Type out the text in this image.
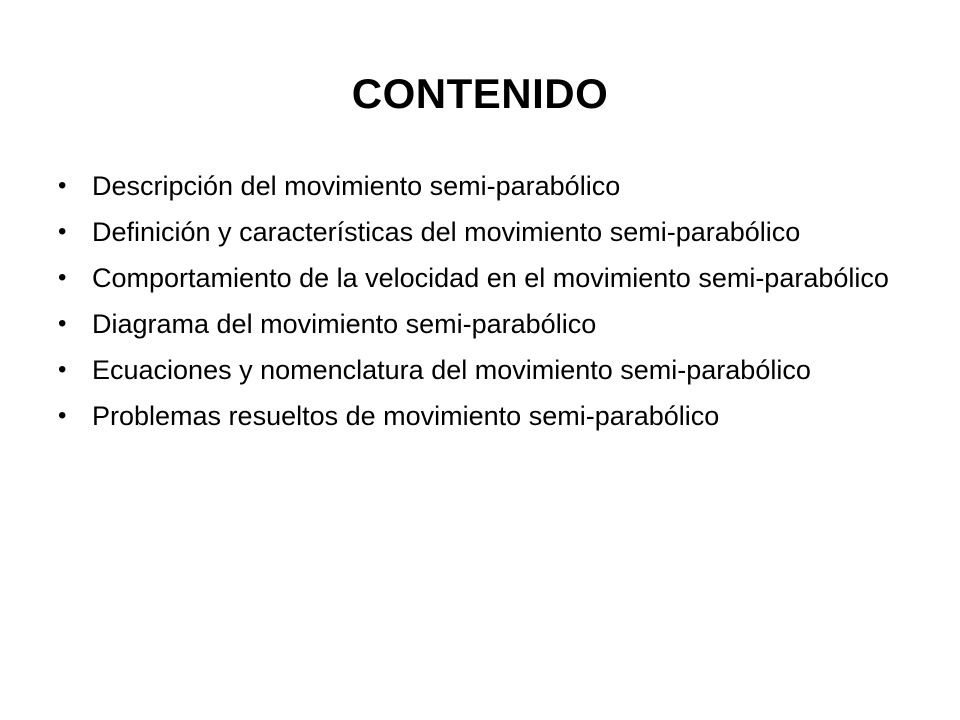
CONTENIDO
• Descripción del movimiento semi-parabólico
• Definición y características del movimiento semi-parabólico
• Comportamiento de la velocidad en el movimiento semi-parabólico
• Diagrama del movimiento semi-parabólico
• Ecuaciones y nomenclatura del movimiento semi-parabólico
• Problemas resueltos de movimiento semi-parabólico
